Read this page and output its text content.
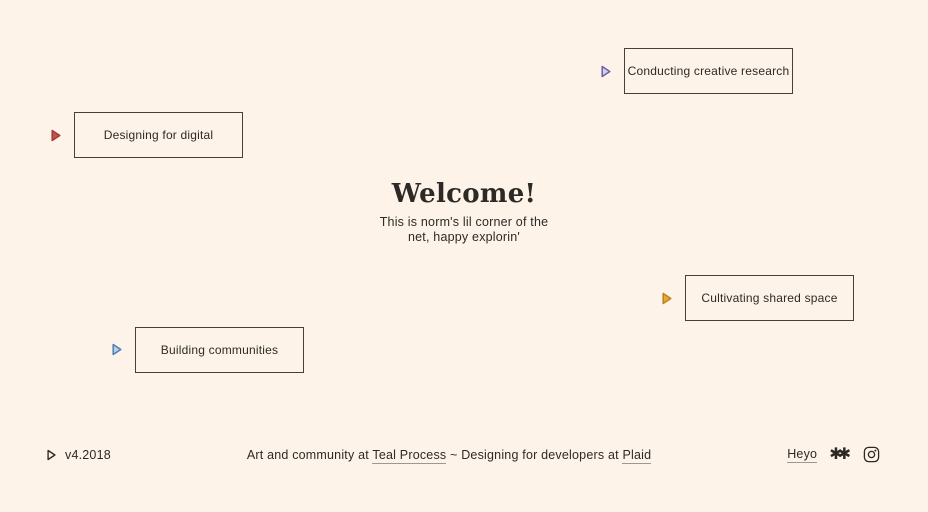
Conducting creative research
Designing for digital
Cultivating shared space
Building communities
Welcome!
This is norm's lil corner of the
net, happy explorin'
v4.2018	Art and community at Teal Process ~ Designing for developers at Plaid	Heyo ✱✱
